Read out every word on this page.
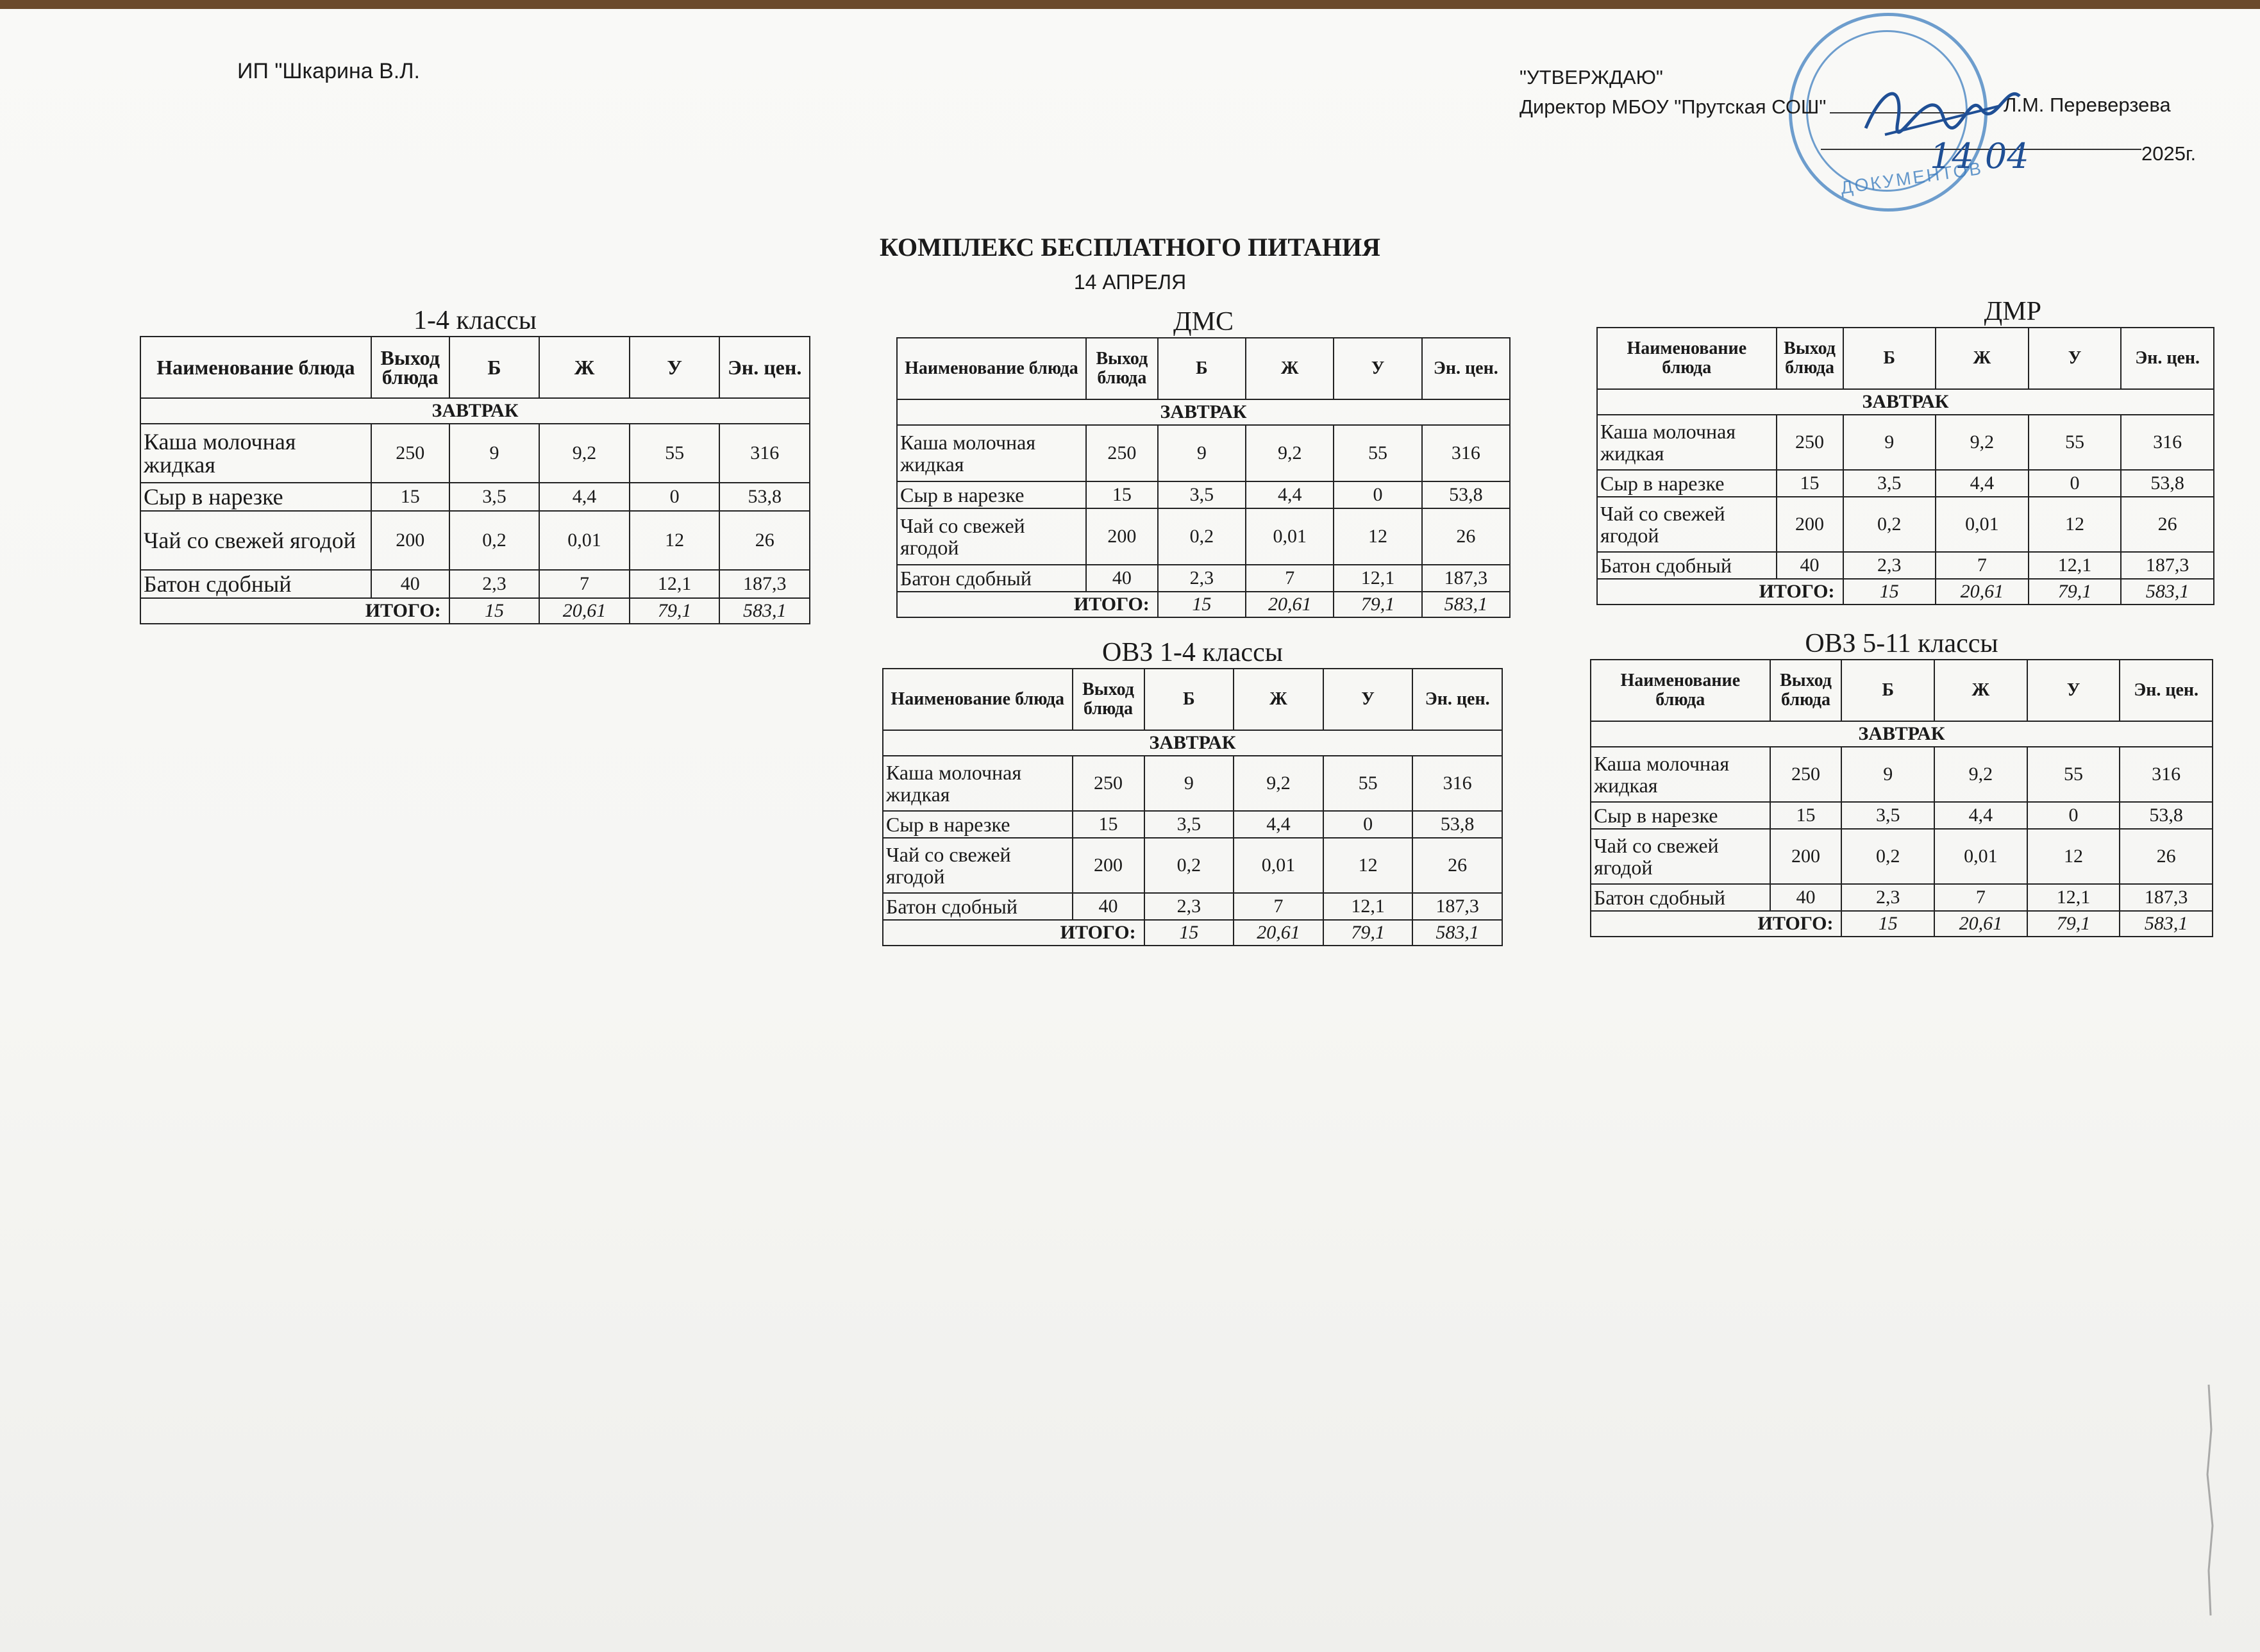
ИП "Шкарина В.Л.
ДОКУМЕНТОВ
"УТВЕРЖДАЮ"
Директор МБОУ "Прутская СОШ"	Л.М. Переверзева
2025г.
14 04
КОМПЛЕКС БЕСПЛАТНОГО ПИТАНИЯ
14 АПРЕЛЯ
1-4 классы
Наименование блюда	Выход блюда	Б	Ж	У	Эн. цен.
ЗАВТРАК					
Каша молочная жидкая	250	9	9,2	55	316
Сыр в нарезке	15	3,5	4,4	0	53,8
Чай со свежей ягодой	200	0,2	0,01	12	26
Батон сдобный	40	2,3	7	12,1	187,3
ИТОГО:		15	20,61	79,1	583,1
ДМС
Наименование блюда	Выход блюда	Б	Ж	У	Эн. цен.
ЗАВТРАК					
Каша молочная жидкая	250	9	9,2	55	316
Сыр в нарезке	15	3,5	4,4	0	53,8
Чай со свежей ягодой	200	0,2	0,01	12	26
Батон сдобный	40	2,3	7	12,1	187,3
ИТОГО:		15	20,61	79,1	583,1
ДМР
Наименование блюда	Выход блюда	Б	Ж	У	Эн. цен.
ЗАВТРАК					
Каша молочная жидкая	250	9	9,2	55	316
Сыр в нарезке	15	3,5	4,4	0	53,8
Чай со свежей ягодой	200	0,2	0,01	12	26
Батон сдобный	40	2,3	7	12,1	187,3
ИТОГО:		15	20,61	79,1	583,1
ОВЗ 1-4 классы
Наименование блюда	Выход блюда	Б	Ж	У	Эн. цен.
ЗАВТРАК					
Каша молочная жидкая	250	9	9,2	55	316
Сыр в нарезке	15	3,5	4,4	0	53,8
Чай со свежей ягодой	200	0,2	0,01	12	26
Батон сдобный	40	2,3	7	12,1	187,3
ИТОГО:		15	20,61	79,1	583,1
ОВЗ 5-11 классы
Наименование блюда	Выход блюда	Б	Ж	У	Эн. цен.
ЗАВТРАК					
Каша молочная жидкая	250	9	9,2	55	316
Сыр в нарезке	15	3,5	4,4	0	53,8
Чай со свежей ягодой	200	0,2	0,01	12	26
Батон сдобный	40	2,3	7	12,1	187,3
ИТОГО:		15	20,61	79,1	583,1
